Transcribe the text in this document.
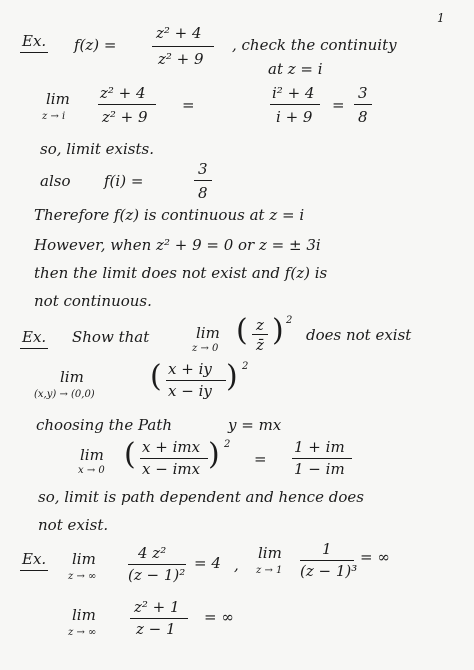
1
Ex. f(z) =
z² + 4
z² + 9
, check the continuity
at z = i
lim
z → i
z² + 4
z² + 9
=
i² + 4
i + 9
=
3
8
so, limit exists.
also f(i) =
3
8
Therefore f(z) is continuous at z = i
However, when z² + 9 = 0 or z = ± 3i
then the limit does not exist and f(z) is
not continuous.
Ex. Show that	lim
z → 0
( z
z̄ ) 2
does not exist
lim
(x,y) → (0,0)
( x + iy
x − iy ) 2
choosing the Path	y = mx
lim
x → 0 ( x + imx
x − imx ) 2
=
1 + im
1 − im
so, limit is path dependent and hence does
not exist.
Ex. lim
z → ∞
4 z²
(z − 1)²
= 4 ,
lim
z → 1
1
(z − 1)³
= ∞
lim
z → ∞
z² + 1
z − 1
= ∞
